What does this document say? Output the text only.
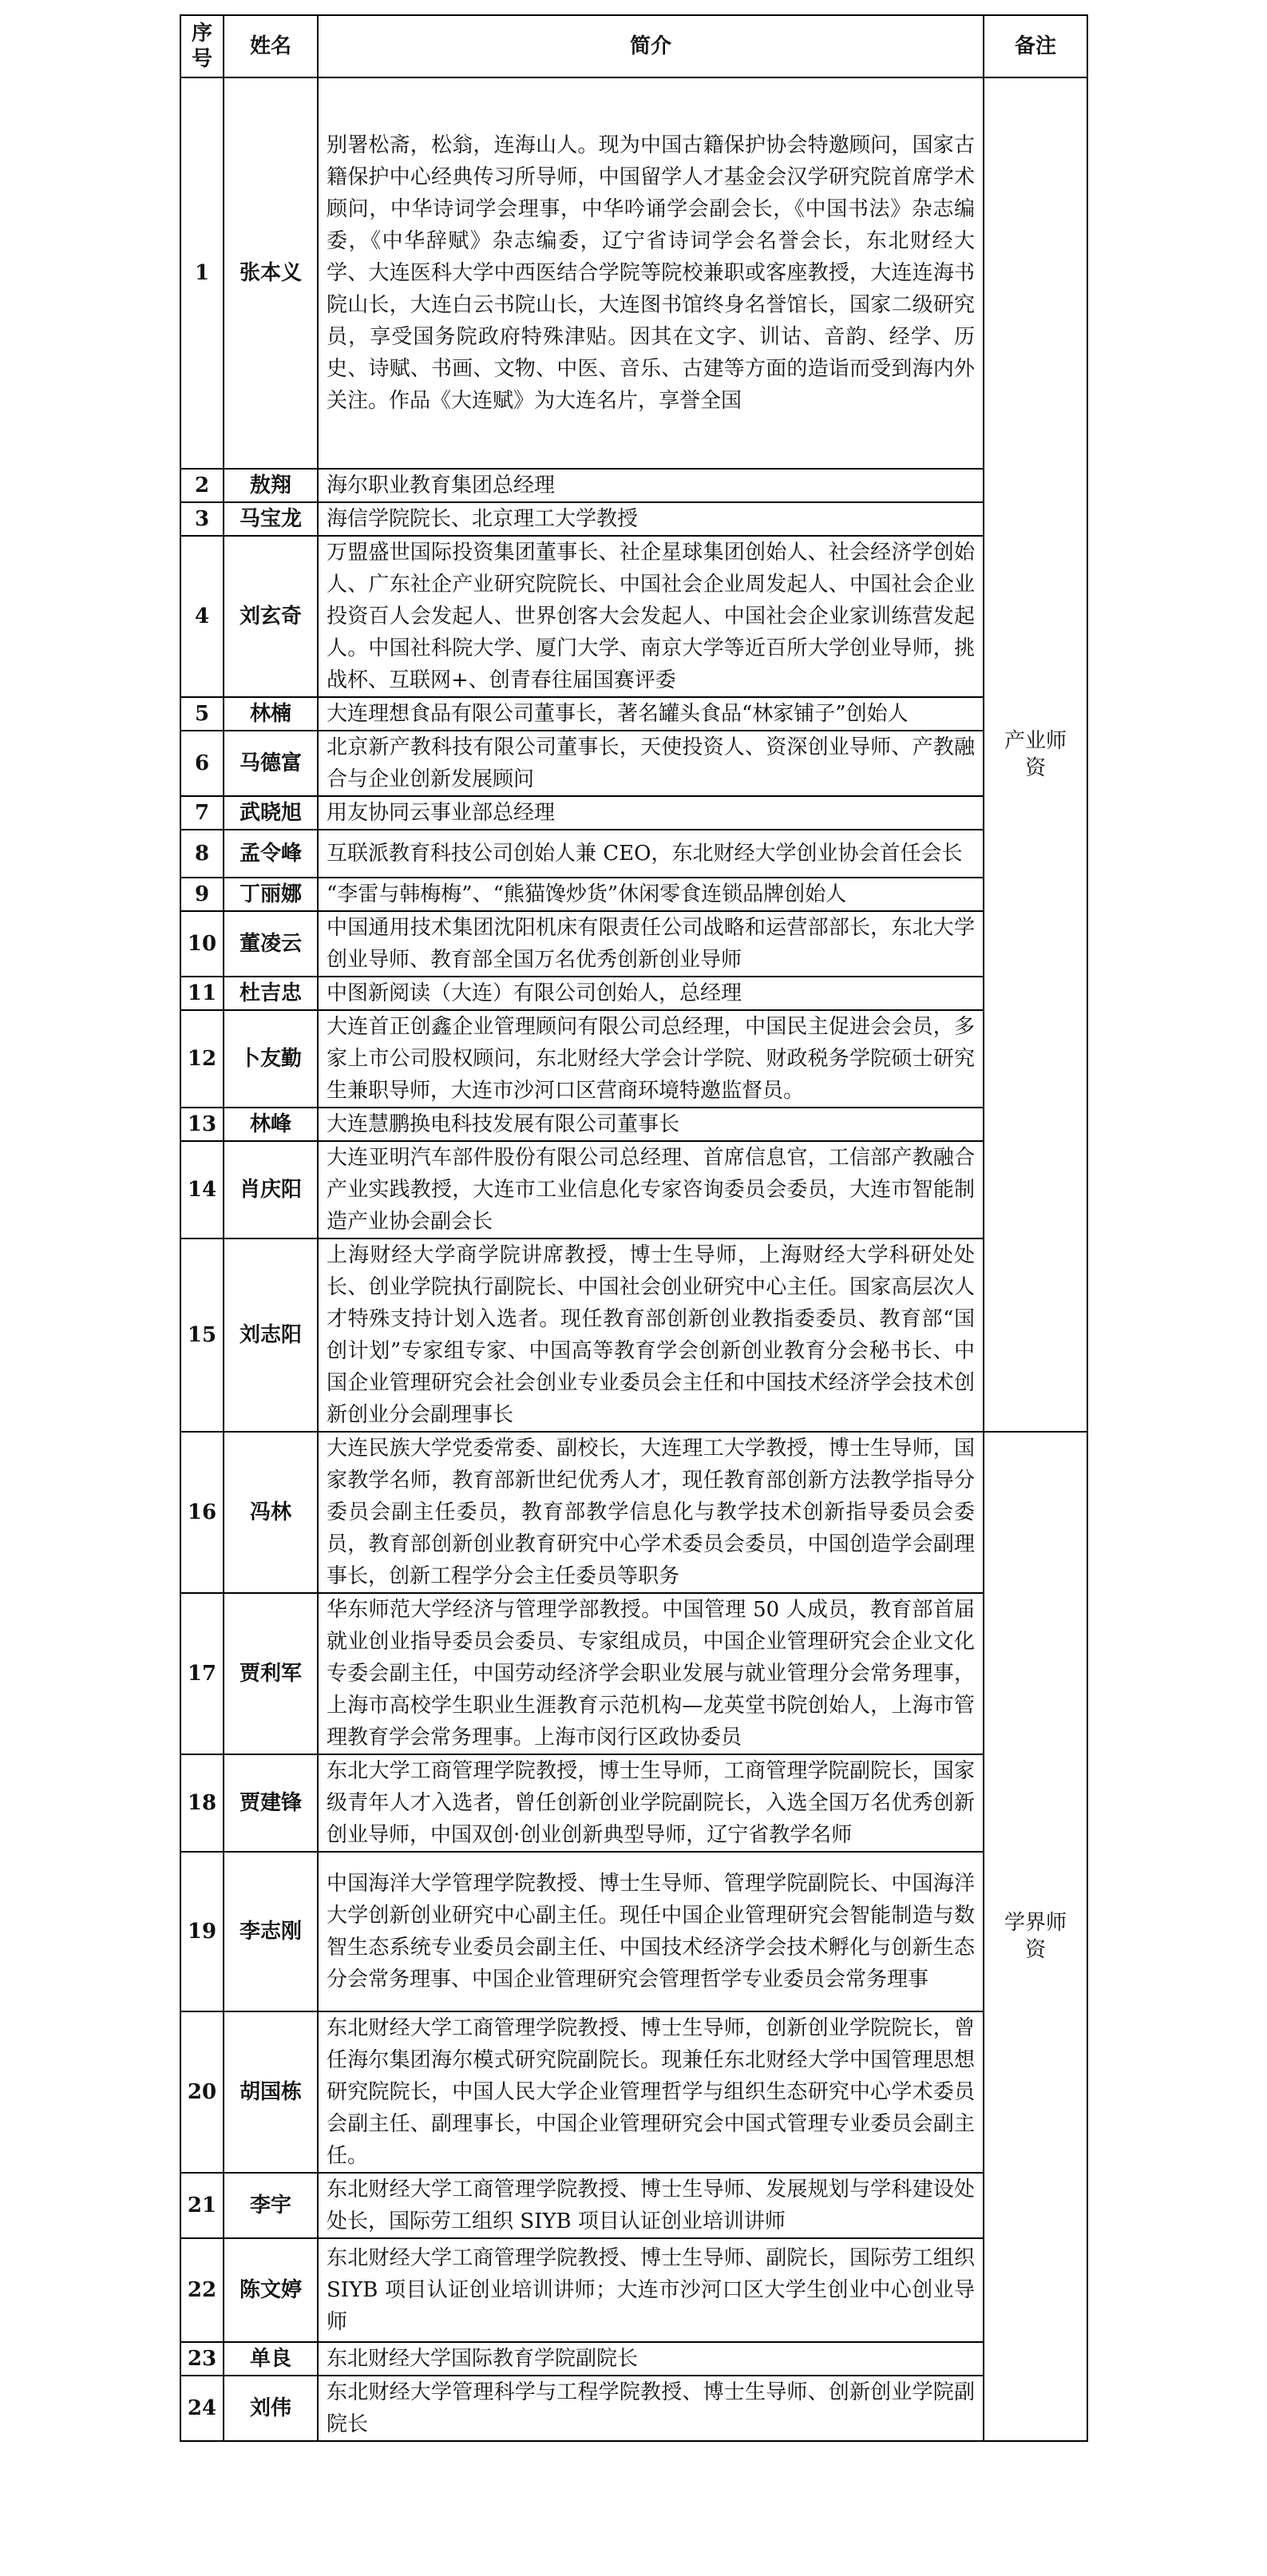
序号	姓名	简介	备注
1	张本义	别署松斋，松翁，连海山人。现为中国古籍保护协会特邀顾问，国家古籍保护中心经典传习所导师，中国留学人才基金会汉学研究院首席学术顾问，中华诗词学会理事，中华吟诵学会副会长，《中国书法》杂志编委，《中华辞赋》杂志编委，辽宁省诗词学会名誉会长，东北财经大学、大连医科大学中西医结合学院等院校兼职或客座教授，大连连海书院山长，大连白云书院山长，大连图书馆终身名誉馆长，国家二级研究员，享受国务院政府特殊津贴。因其在文字、训诂、音韵、经学、历史、诗赋、书画、文物、中医、音乐、古建等方面的造诣而受到海内外关注。作品《大连赋》为大连名片，享誉全国	产业师资
2	敖翔	海尔职业教育集团总经理	
3	马宝龙	海信学院院长、北京理工大学教授	
4	刘玄奇	万盟盛世国际投资集团董事长、社企星球集团创始人、社会经济学创始人、广东社企产业研究院院长、中国社会企业周发起人、中国社会企业投资百人会发起人、世界创客大会发起人、中国社会企业家训练营发起人。中国社科院大学、厦门大学、南京大学等近百所大学创业导师，挑战杯、互联网+、创青春往届国赛评委	
5	林楠	大连理想食品有限公司董事长，著名罐头食品“林家铺子”创始人	
6	马德富	北京新产教科技有限公司董事长，天使投资人、资深创业导师、产教融合与企业创新发展顾问	
7	武晓旭	用友协同云事业部总经理	
8	孟令峰	互联派教育科技公司创始人兼 CEO，东北财经大学创业协会首任会长	
9	丁丽娜	“李雷与韩梅梅”、“熊猫馋炒货”休闲零食连锁品牌创始人	
10	董凌云	中国通用技术集团沈阳机床有限责任公司战略和运营部部长，东北大学创业导师、教育部全国万名优秀创新创业导师	
11	杜吉忠	中图新阅读（大连）有限公司创始人，总经理	
12	卜友勤	大连首正创鑫企业管理顾问有限公司总经理，中国民主促进会会员，多家上市公司股权顾问，东北财经大学会计学院、财政税务学院硕士研究生兼职导师，大连市沙河口区营商环境特邀监督员。	
13	林峰	大连慧鹏换电科技发展有限公司董事长	
14	肖庆阳	大连亚明汽车部件股份有限公司总经理、首席信息官，工信部产教融合产业实践教授，大连市工业信息化专家咨询委员会委员，大连市智能制造产业协会副会长	
15	刘志阳	上海财经大学商学院讲席教授，博士生导师，上海财经大学科研处处长、创业学院执行副院长、中国社会创业研究中心主任。国家高层次人才特殊支持计划入选者。现任教育部创新创业教指委委员、教育部“国创计划”专家组专家、中国高等教育学会创新创业教育分会秘书长、中国企业管理研究会社会创业专业委员会主任和中国技术经济学会技术创新创业分会副理事长	
16	冯林	大连民族大学党委常委、副校长，大连理工大学教授，博士生导师，国家教学名师，教育部新世纪优秀人才，现任教育部创新方法教学指导分委员会副主任委员，教育部教学信息化与教学技术创新指导委员会委员，教育部创新创业教育研究中心学术委员会委员，中国创造学会副理事长，创新工程学分会主任委员等职务	学界师资
17	贾利军	华东师范大学经济与管理学部教授。中国管理 50 人成员，教育部首届就业创业指导委员会委员、专家组成员，中国企业管理研究会企业文化专委会副主任，中国劳动经济学会职业发展与就业管理分会常务理事，上海市高校学生职业生涯教育示范机构—龙英堂书院创始人，上海市管理教育学会常务理事。上海市闵行区政协委员	
18	贾建锋	东北大学工商管理学院教授，博士生导师，工商管理学院副院长，国家级青年人才入选者，曾任创新创业学院副院长，入选全国万名优秀创新创业导师，中国双创·创业创新典型导师，辽宁省教学名师	
19	李志刚	中国海洋大学管理学院教授、博士生导师、管理学院副院长、中国海洋大学创新创业研究中心副主任。现任中国企业管理研究会智能制造与数智生态系统专业委员会副主任、中国技术经济学会技术孵化与创新生态分会常务理事、中国企业管理研究会管理哲学专业委员会常务理事	
20	胡国栋	东北财经大学工商管理学院教授、博士生导师，创新创业学院院长，曾任海尔集团海尔模式研究院副院长。现兼任东北财经大学中国管理思想研究院院长，中国人民大学企业管理哲学与组织生态研究中心学术委员会副主任、副理事长，中国企业管理研究会中国式管理专业委员会副主任。	
21	李宇	东北财经大学工商管理学院教授、博士生导师、发展规划与学科建设处处长，国际劳工组织 SIYB 项目认证创业培训讲师	
22	陈文婷	东北财经大学工商管理学院教授、博士生导师、副院长，国际劳工组织 SIYB 项目认证创业培训讲师；大连市沙河口区大学生创业中心创业导师	
23	单良	东北财经大学国际教育学院副院长	
24	刘伟	东北财经大学管理科学与工程学院教授、博士生导师、创新创业学院副院长	
